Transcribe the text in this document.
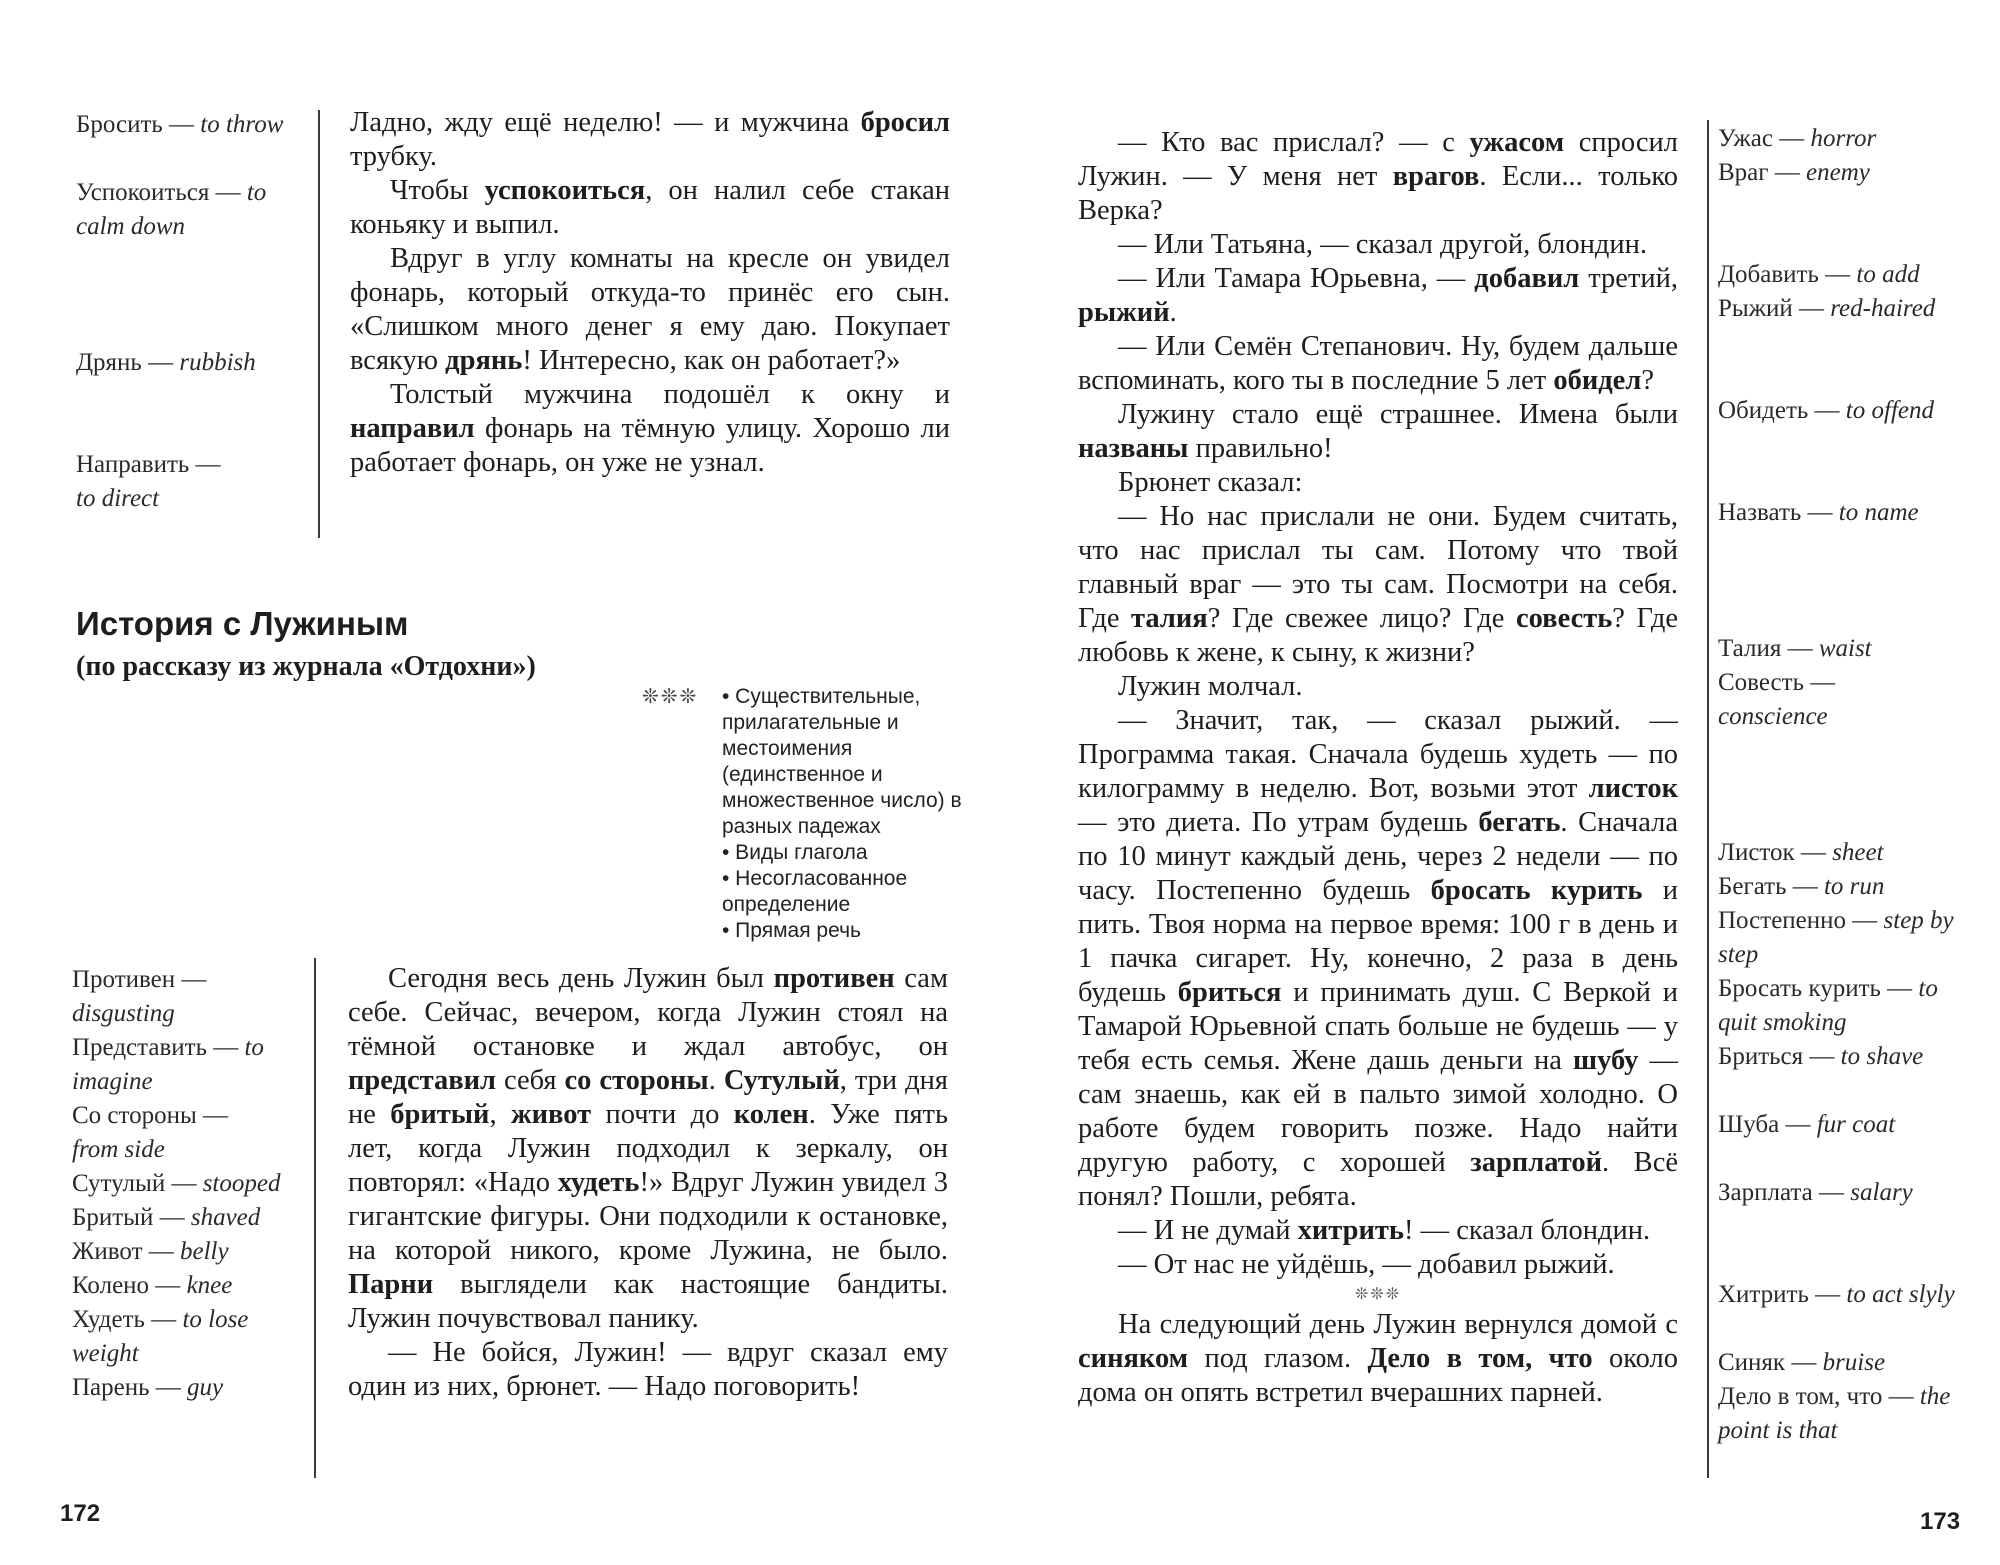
Бросить — to throw
Успокоиться — to calm down
Дрянь — rubbish
Направить — to direct

Ладно, жду ещё неделю! — и мужчина бросил трубку.

Чтобы успокоиться, он налил себе стакан коньяку и выпил.

Вдруг в углу комнаты на кресле он увидел фонарь, который откуда-то принёс его сын. «Слишком много денег я ему даю. Покупает всякую дрянь! Интересно, как он работает?»

Толстый мужчина подошёл к окну и направил фонарь на тёмную улицу. Хорошо ли работает фонарь, он уже не узнал.

История с Лужиным
(по рассказу из журнала «Отдохни»)
❊❊❊ • Существительные, прилагательные и местоимения (единственное и множественное число) в разных падежах
• Виды глагола
• Несогласованное определение
• Прямая речь
Противен — disgusting
Представить — to imagine
Со стороны — from side
Сутулый — stooped
Бритый — shaved
Живот — belly
Колено — knee
Худеть — to lose weight
Парень — guy

Сегодня весь день Лужин был противен сам себе. Сейчас, вечером, когда Лужин стоял на тёмной остановке и ждал автобус, он представил себя со стороны. Сутулый, три дня не бритый, живот почти до колен. Уже пять лет, когда Лужин подходил к зеркалу, он повторял: «Надо худеть!» Вдруг Лужин увидел 3 гигантские фигуры. Они подходили к остановке, на которой никого, кроме Лужина, не было. Парни выглядели как настоящие бандиты. Лужин почувствовал панику.

— Не бойся, Лужин! — вдруг сказал ему один из них, брюнет. — Надо поговорить!

172

— Кто вас прислал? — с ужасом спросил Лужин. — У меня нет врагов. Если... только Верка?

— Или Татьяна, — сказал другой, блондин.

— Или Тамара Юрьевна, — добавил третий, рыжий.

— Или Семён Степанович. Ну, будем дальше вспоминать, кого ты в последние 5 лет обидел?

Лужину стало ещё страшнее. Имена были названы правильно!

Брюнет сказал:

— Но нас прислали не они. Будем считать, что нас прислал ты сам. Потому что твой главный враг — это ты сам. Посмотри на себя. Где талия? Где свежее лицо? Где совесть? Где любовь к жене, к сыну, к жизни?

Лужин молчал.

— Значит, так, — сказал рыжий. — Программа такая. Сначала будешь худеть — по килограмму в неделю. Вот, возьми этот листок — это диета. По утрам будешь бегать. Сначала по 10 минут каждый день, через 2 недели — по часу. Постепенно будешь бросать курить и пить. Твоя норма на первое время: 100 г в день и 1 пачка сигарет. Ну, конечно, 2 раза в день будешь бриться и принимать душ. С Веркой и Тамарой Юрьевной спать больше не будешь — у тебя есть семья. Жене дашь деньги на шубу — сам знаешь, как ей в пальто зимой холодно. О работе будем говорить позже. Надо найти другую работу, с хорошей зарплатой. Всё понял? Пошли, ребята.

— И не думай хитрить! — сказал блондин.

— От нас не уйдёшь, — добавил рыжий.

❊❊❊

На следующий день Лужин вернулся домой с синяком под глазом. Дело в том, что около дома он опять встретил вчерашних парней.

Ужас — horror
Враг — enemy
Добавить — to add
Рыжий — red-haired
Обидеть — to offend
Назвать — to name
Талия — waist
Совесть — conscience
Листок — sheet
Бегать — to run
Постепенно — step by step
Бросать курить — to quit smoking
Бриться — to shave
Шуба — fur coat
Зарплата — salary
Хитрить — to act slyly
Синяк — bruise
Дело в том, что — the point is that
173
